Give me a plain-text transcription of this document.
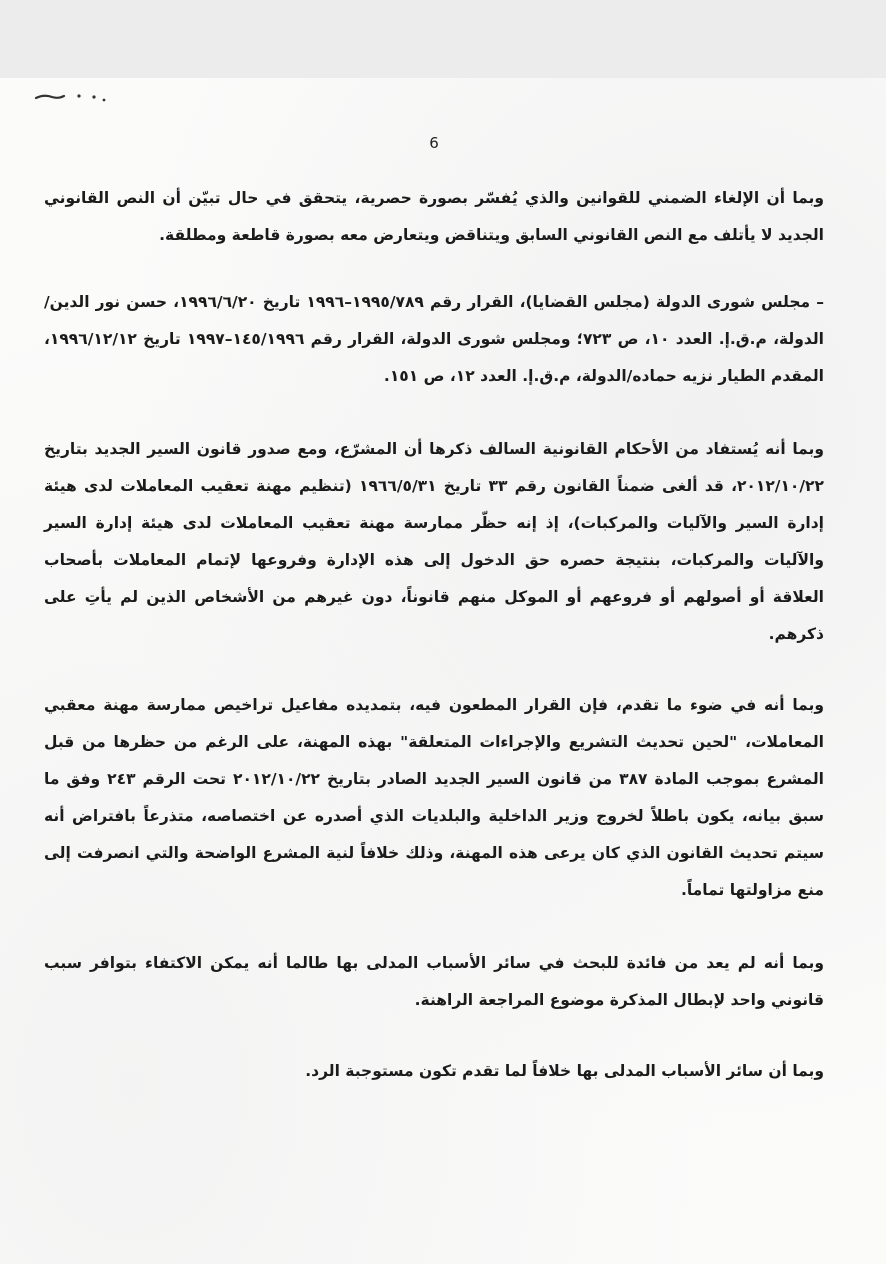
6

وبما أن الإلغاء الضمني للقوانين والذي يُفسّر بصورة حصرية، يتحقق في حال تبيّن أن النص القانوني الجديد لا يأتلف مع النص القانوني السابق ويتناقض ويتعارض معه بصورة قاطعة ومطلقة.

– مجلس شورى الدولة (مجلس القضايا)، القرار رقم ١٩٩٥/٧٨٩–١٩٩٦ تاريخ ١٩٩٦/٦/٢٠، حسن نور الدين/الدولة، م.ق.إ. العدد ١٠، ص ٧٢٣؛ ومجلس شورى الدولة، القرار رقم ١٤٥/١٩٩٦–١٩٩٧ تاريخ ١٩٩٦/١٢/١٢، المقدم الطيار نزيه حماده/الدولة، م.ق.إ. العدد ١٢، ص ١٥١.

وبما أنه يُستفاد من الأحكام القانونية السالف ذكرها أن المشرّع، ومع صدور قانون السير الجديد بتاريخ ٢٠١٢/١٠/٢٢، قد ألغى ضمناً القانون رقم ٣٣ تاريخ ١٩٦٦/٥/٣١ (تنظيم مهنة تعقيب المعاملات لدى هيئة إدارة السير والآليات والمركبات)، إذ إنه حظّر ممارسة مهنة تعقيب المعاملات لدى هيئة إدارة السير والآليات والمركبات، بنتيجة حصره حق الدخول إلى هذه الإدارة وفروعها لإتمام المعاملات بأصحاب العلاقة أو أصولهم أو فروعهم أو الموكل منهم قانوناً، دون غيرهم من الأشخاص الذين لم يأتِ على ذكرهم.

وبما أنه في ضوء ما تقدم، فإن القرار المطعون فيه، بتمديده مفاعيل تراخيص ممارسة مهنة معقبي المعاملات، "لحين تحديث التشريع والإجراءات المتعلقة" بهذه المهنة، على الرغم من حظرها من قبل المشرع بموجب المادة ٣٨٧ من قانون السير الجديد الصادر بتاريخ ٢٠١٢/١٠/٢٢ تحت الرقم ٢٤٣ وفق ما سبق بيانه، يكون باطلاً لخروج وزير الداخلية والبلديات الذي أصدره عن اختصاصه، متذرعاً بافتراض أنه سيتم تحديث القانون الذي كان يرعى هذه المهنة، وذلك خلافاً لنية المشرع الواضحة والتي انصرفت إلى منع مزاولتها تماماً.

وبما أنه لم يعد من فائدة للبحث في سائر الأسباب المدلى بها طالما أنه يمكن الاكتفاء بتوافر سبب قانوني واحد لإبطال المذكرة موضوع المراجعة الراهنة.

وبما أن سائر الأسباب المدلى بها خلافاً لما تقدم تكون مستوجبة الرد.
